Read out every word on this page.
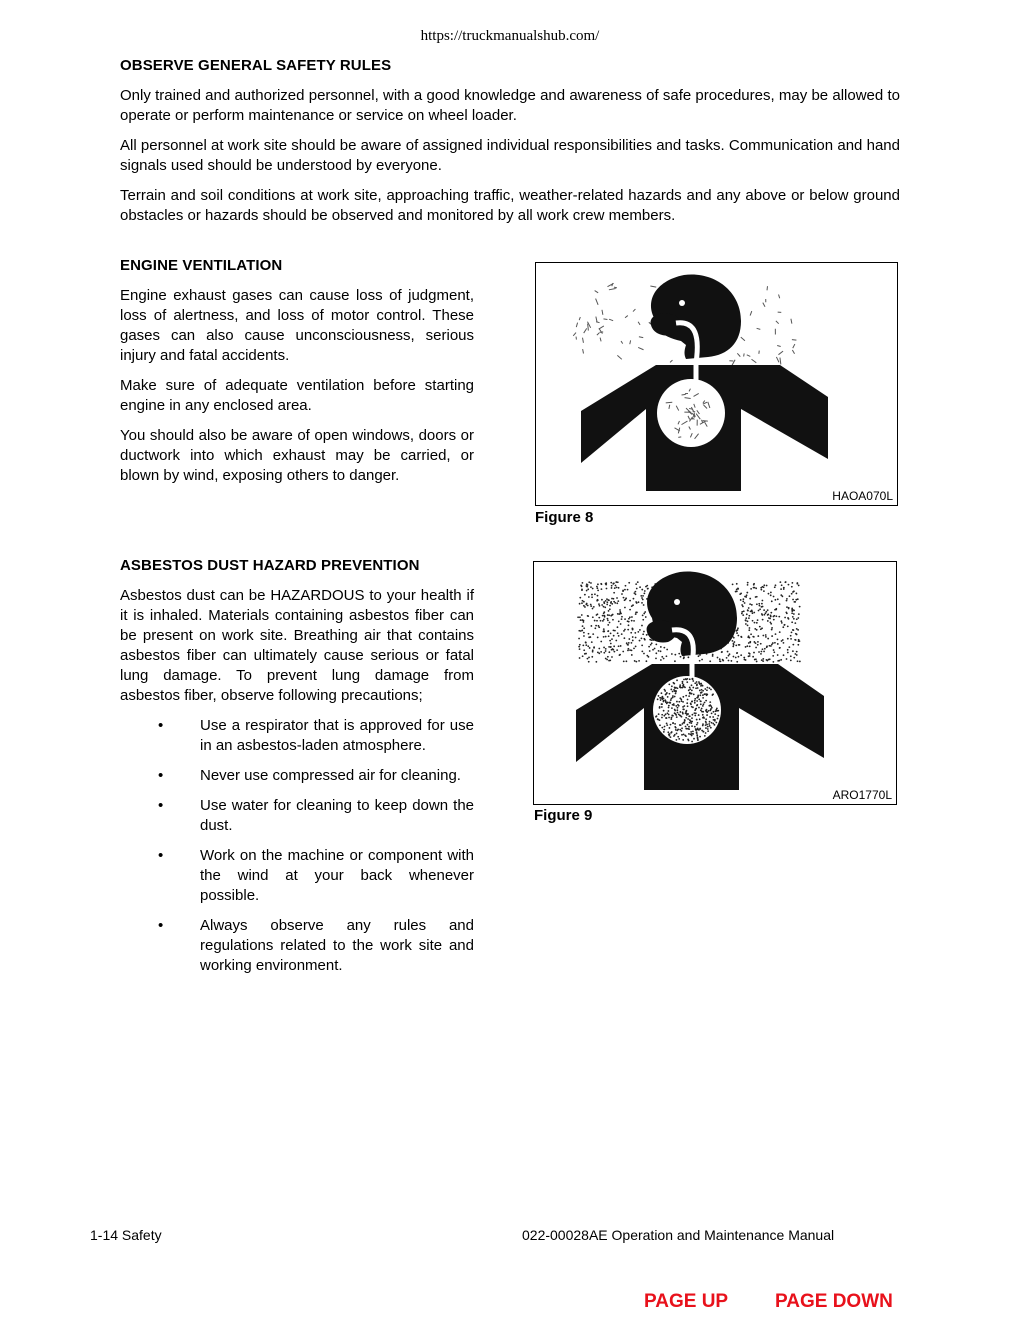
https://truckmanualshub.com/
OBSERVE GENERAL SAFETY RULES

Only trained and authorized personnel, with a good knowledge and awareness of safe procedures, may be allowed to operate or perform maintenance or service on wheel loader.

All personnel at work site should be aware of assigned individual responsibilities and tasks. Communication and hand signals used should be understood by everyone.

Terrain and soil conditions at work site, approaching traffic, weather-related hazards and any above or below ground obstacles or hazards should be observed and monitored by all work crew members.

ENGINE VENTILATION

Engine exhaust gases can cause loss of judgment, loss of alertness, and loss of motor control. These gases can also cause unconsciousness, serious injury and fatal accidents.

Make sure of adequate ventilation before starting engine in any enclosed area.

You should also be aware of open windows, doors or ductwork into which exhaust may be carried, or blown by wind, exposing others to danger.

ASBESTOS DUST HAZARD PREVENTION

Asbestos dust can be HAZARDOUS to your health if it is inhaled. Materials containing asbestos fiber can be present on work site. Breathing air that contains asbestos fiber can ultimately cause serious or fatal lung damage. To prevent lung damage from asbestos fiber, observe following precautions;

• Use a respirator that is approved for use in an asbestos-laden atmosphere.

• Never use compressed air for cleaning.

• Use water for cleaning to keep down the dust.

• Work on the machine or component with the wind at your back whenever possible.

• Always observe any rules and regulations related to the work site and working environment.

HAOA070L
Figure 8
ARO1770L
Figure 9
1-14 Safety	022-00028AE Operation and Maintenance Manual
PAGE UP PAGE DOWN
